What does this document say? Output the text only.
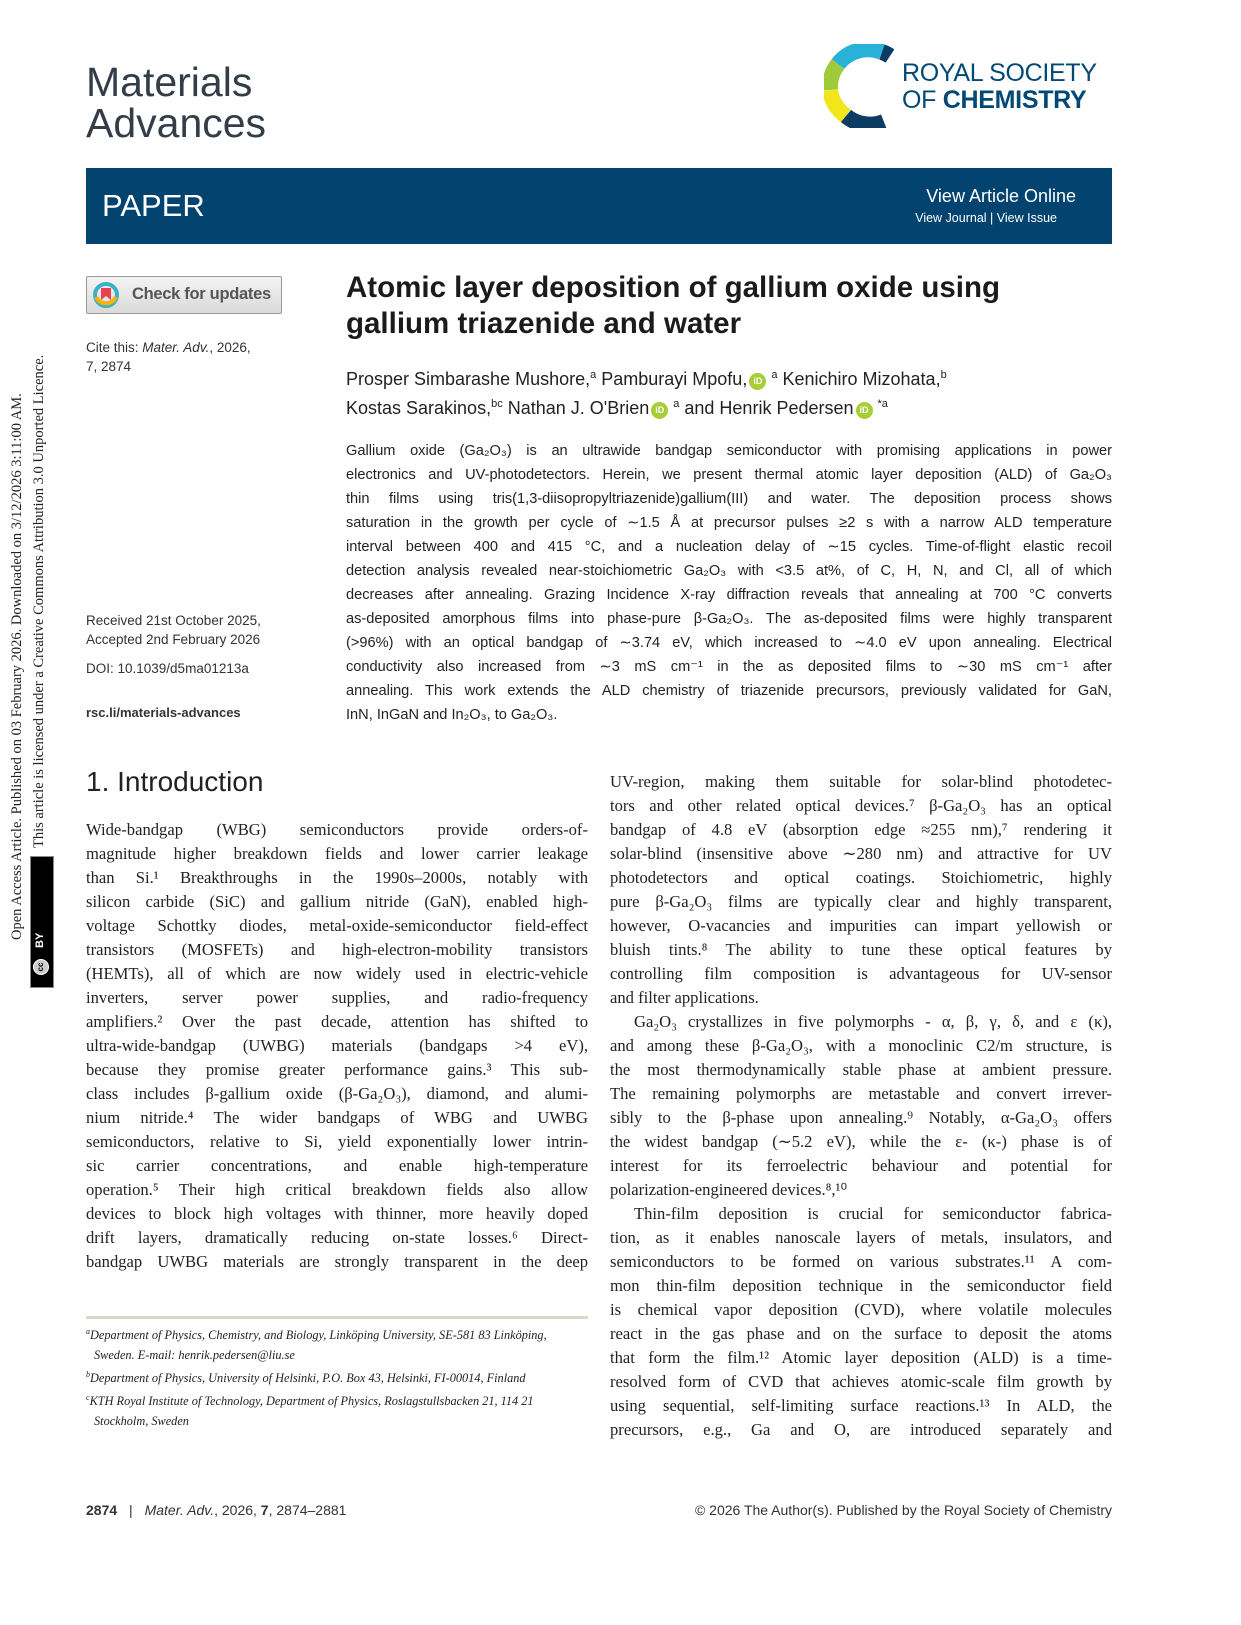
Materials
Advances
ROYAL SOCIETY
OF CHEMISTRY
PAPER	View Article Online
View Journal | View Issue
Check for updates
Cite this: Mater. Adv., 2026,
7, 2874
Received 21st October 2025,
Accepted 2nd February 2026
DOI: 10.1039/d5ma01213a
rsc.li/materials-advances
Open Access Article. Published on 03 February 2026. Downloaded on 3/12/2026 3:11:00 AM. This article is licensed under a Creative Commons Attribution 3.0 Unported Licence.
cc BY
Atomic layer deposition of gallium oxide using
gallium triazenide and water
Prosper Simbarashe Mushore,$^a$ Pamburayi Mpofu, iD $^a$ Kenichiro Mizohata,$^b$
Kostas Sarakinos,$^{bc}$ Nathan J. O'Brien iD $^a$ and Henrik Pedersen iD $^{*a}$
Gallium oxide (Ga₂O₃) is an ultrawide bandgap semiconductor with promising applications in power
electronics and UV-photodetectors. Herein, we present thermal atomic layer deposition (ALD) of Ga₂O₃
thin films using tris(1,3-diisopropyltriazenide)gallium(III) and water. The deposition process shows
saturation in the growth per cycle of ∼1.5 Å at precursor pulses ≥2 s with a narrow ALD temperature
interval between 400 and 415 °C, and a nucleation delay of ∼15 cycles. Time-of-flight elastic recoil
detection analysis revealed near-stoichiometric Ga₂O₃ with <3.5 at%, of C, H, N, and Cl, all of which
decreases after annealing. Grazing Incidence X-ray diffraction reveals that annealing at 700 °C converts
as-deposited amorphous films into phase-pure β-Ga₂O₃. The as-deposited films were highly transparent
(>96%) with an optical bandgap of ∼3.74 eV, which increased to ∼4.0 eV upon annealing. Electrical
conductivity also increased from ∼3 mS cm⁻¹ in the as deposited films to ∼30 mS cm⁻¹ after
annealing. This work extends the ALD chemistry of triazenide precursors, previously validated for GaN,
InN, InGaN and In₂O₃, to Ga₂O₃.
1. Introduction
Wide-bandgap (WBG) semiconductors provide orders-of-
magnitude higher breakdown fields and lower carrier leakage
than Si.¹ Breakthroughs in the 1990s–2000s, notably with
silicon carbide (SiC) and gallium nitride (GaN), enabled high-
voltage Schottky diodes, metal-oxide-semiconductor field-effect
transistors (MOSFETs) and high-electron-mobility transistors
(HEMTs), all of which are now widely used in electric-vehicle
inverters, server power supplies, and radio-frequency
amplifiers.² Over the past decade, attention has shifted to
ultra-wide-bandgap (UWBG) materials (bandgaps >4 eV),
because they promise greater performance gains.³ This sub-
class includes β-gallium oxide (β-Ga₂O₃), diamond, and alumi-
nium nitride.⁴ The wider bandgaps of WBG and UWBG
semiconductors, relative to Si, yield exponentially lower intrin-
sic carrier concentrations, and enable high-temperature
operation.⁵ Their high critical breakdown fields also allow
devices to block high voltages with thinner, more heavily doped
drift layers, dramatically reducing on-state losses.⁶ Direct-
bandgap UWBG materials are strongly transparent in the deep
UV-region, making them suitable for solar-blind photodetec-
tors and other related optical devices.⁷ β-Ga₂O₃ has an optical
bandgap of 4.8 eV (absorption edge ≈255 nm),⁷ rendering it
solar-blind (insensitive above ∼280 nm) and attractive for UV
photodetectors and optical coatings. Stoichiometric, highly
pure β-Ga₂O₃ films are typically clear and highly transparent,
however, O-vacancies and impurities can impart yellowish or
bluish tints.⁸ The ability to tune these optical features by
controlling film composition is advantageous for UV-sensor
and filter applications.
Ga₂O₃ crystallizes in five polymorphs - α, β, γ, δ, and ε (κ),
and among these β-Ga₂O₃, with a monoclinic C2/m structure, is
the most thermodynamically stable phase at ambient pressure.
The remaining polymorphs are metastable and convert irrever-
sibly to the β-phase upon annealing.⁹ Notably, α-Ga₂O₃ offers
the widest bandgap (∼5.2 eV), while the ε- (κ-) phase is of
interest for its ferroelectric behaviour and potential for
polarization-engineered devices.⁸,¹⁰
Thin-film deposition is crucial for semiconductor fabrica-
tion, as it enables nanoscale layers of metals, insulators, and
semiconductors to be formed on various substrates.¹¹ A com-
mon thin-film deposition technique in the semiconductor field
is chemical vapor deposition (CVD), where volatile molecules
react in the gas phase and on the surface to deposit the atoms
that form the film.¹² Atomic layer deposition (ALD) is a time-
resolved form of CVD that achieves atomic-scale film growth by
using sequential, self-limiting surface reactions.¹³ In ALD, the
precursors, e.g., Ga and O, are introduced separately and
$^a$Department of Physics, Chemistry, and Biology, Linköping University, SE-581 83 Linköping, Sweden. E-mail: henrik.pedersen@liu.se
$^b$Department of Physics, University of Helsinki, P.O. Box 43, Helsinki, FI-00014, Finland
$^c$KTH Royal Institute of Technology, Department of Physics, Roslagstullsbacken 21, 114 21 Stockholm, Sweden
2874 | Mater. Adv., 2026, 7, 2874–2881	© 2026 The Author(s). Published by the Royal Society of Chemistry
